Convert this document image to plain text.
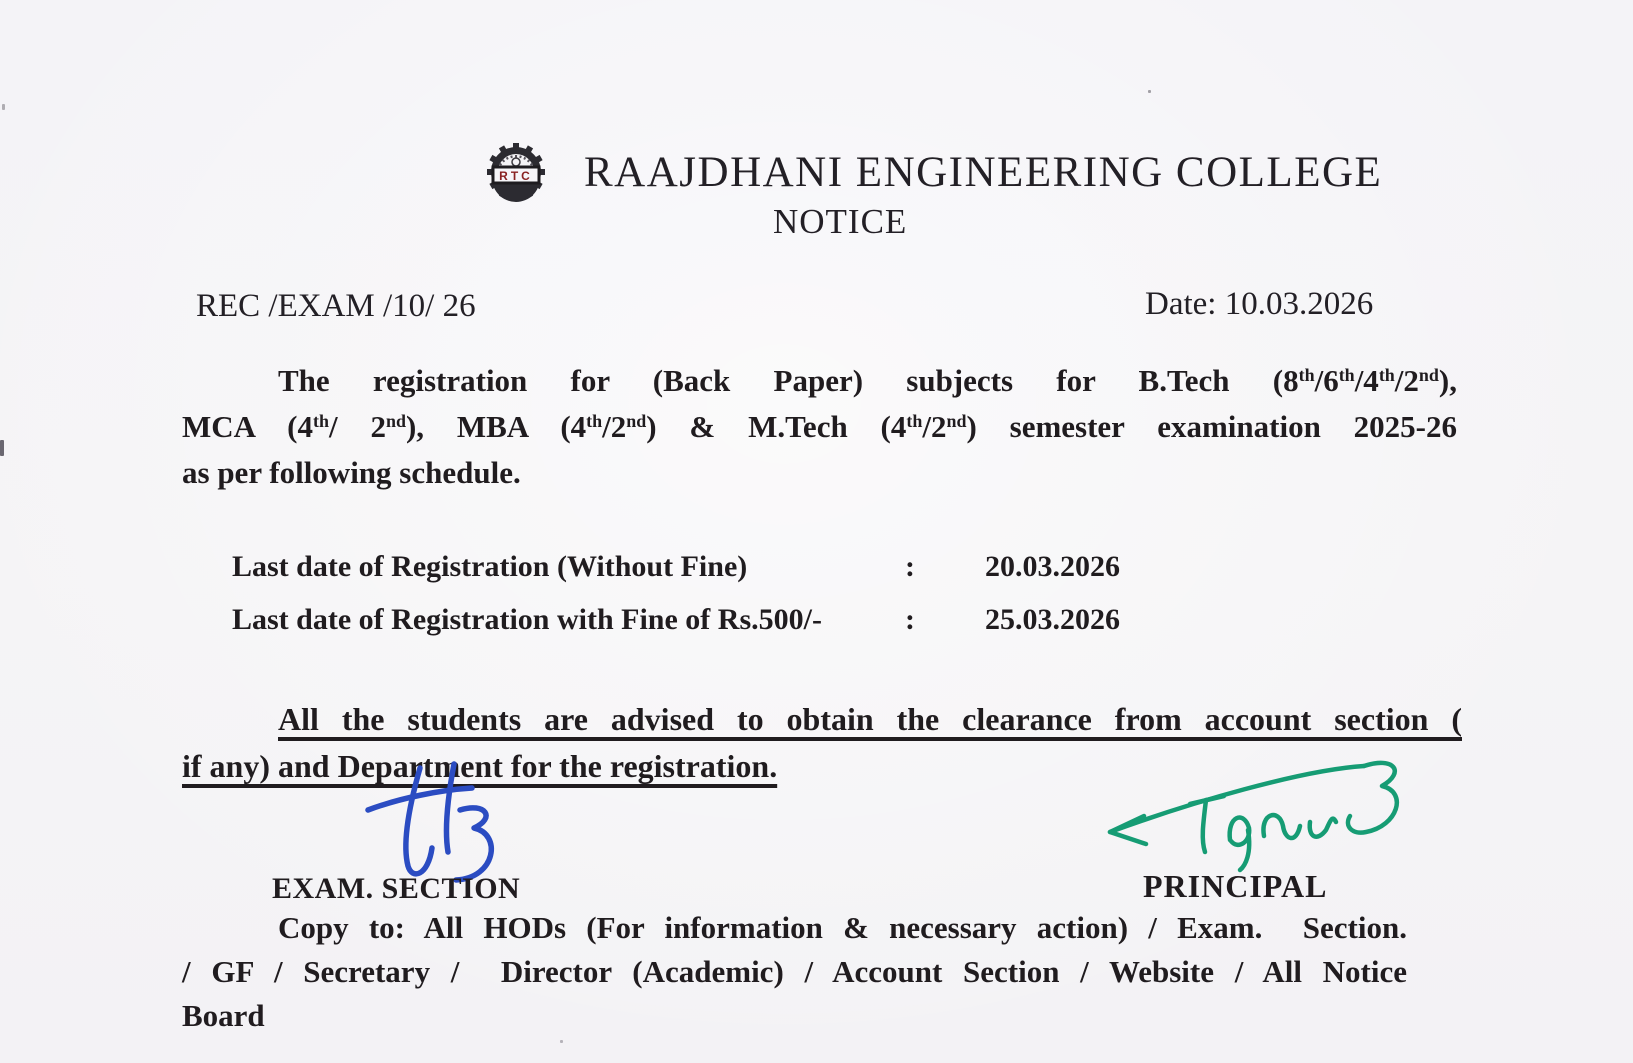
RTC RAAJDHANI ENGINEERING COLLEGE
NOTICE
REC /EXAM /10/ 26	Date: 10.03.2026
The registration for (Back Paper) subjects for B.Tech (8th/6th/4th/2nd),
MCA (4th/ 2nd), MBA (4th/2nd) & M.Tech (4th/2nd) semester examination 2025-26
as per following schedule.
Last date of Registration (Without Fine)	:	20.03.2026
Last date of Registration with Fine of Rs.500/-	:	25.03.2026
All the students are advised to obtain the clearance from account section (
if any) and Department for the registration.
EXAM. SECTION	PRINCIPAL
Copy to: All HODs (For information & necessary action) / Exam.  Section.
/ GF / Secretary /  Director (Academic) / Account Section / Website / All Notice
Board
